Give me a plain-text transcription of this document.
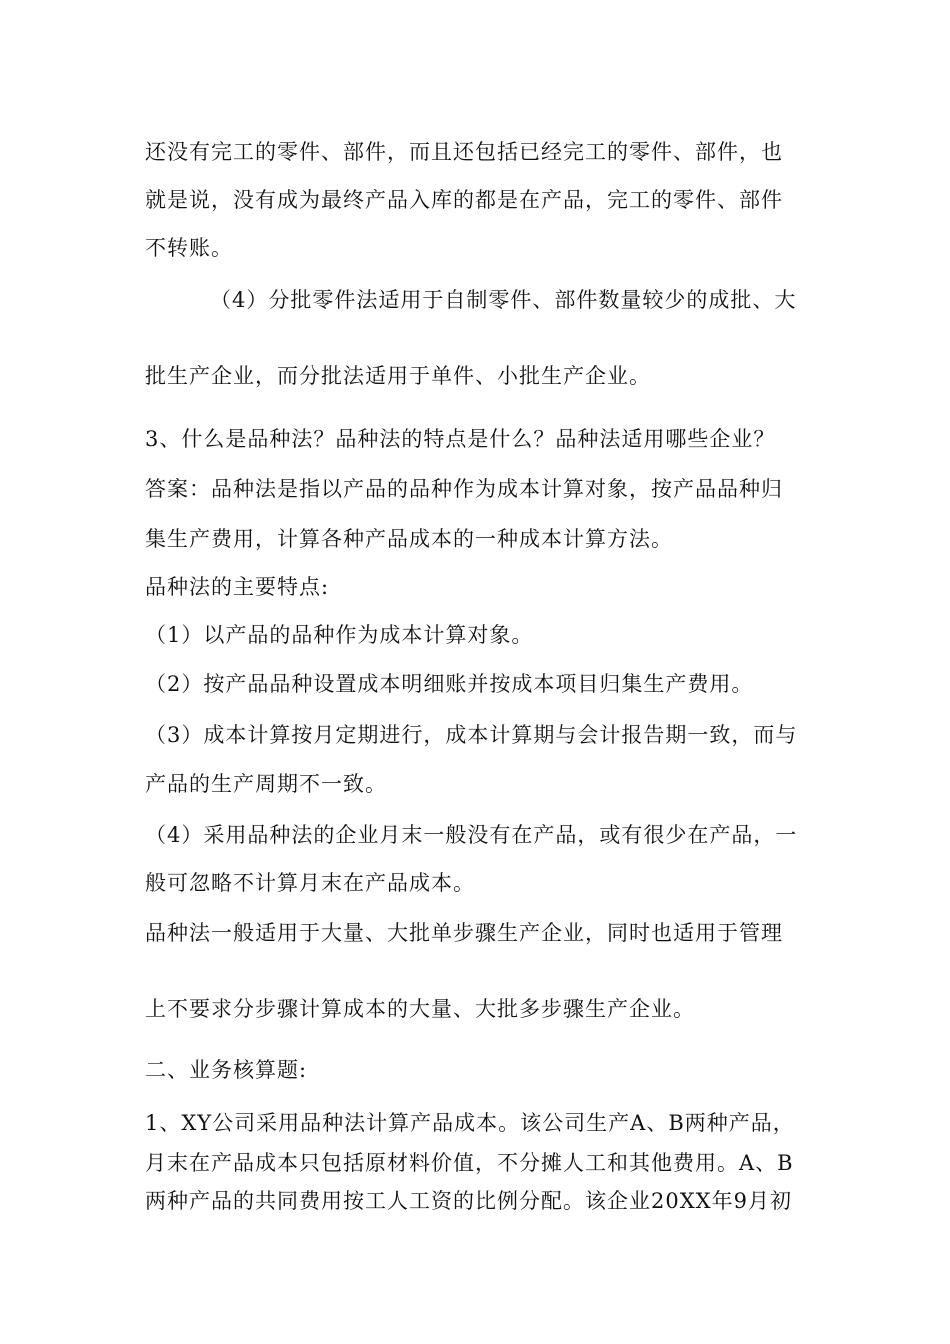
还没有完工的零件、部件，而且还包括已经完工的零件、部件，也
就是说，没有成为最终产品入库的都是在产品，完工的零件、部件
不转账。
（4）分批零件法适用于自制零件、部件数量较少的成批、大
批生产企业，而分批法适用于单件、小批生产企业。
3、什么是品种法？品种法的特点是什么？品种法适用哪些企业？
答案：品种法是指以产品的品种作为成本计算对象，按产品品种归
集生产费用，计算各种产品成本的一种成本计算方法。
品种法的主要特点:
（1）以产品的品种作为成本计算对象。
（2）按产品品种设置成本明细账并按成本项目归集生产费用。
（3）成本计算按月定期进行，成本计算期与会计报告期一致，而与
产品的生产周期不一致。
（4）采用品种法的企业月末一般没有在产品，或有很少在产品，一
般可忽略不计算月末在产品成本。
品种法一般适用于大量、大批单步骤生产企业，同时也适用于管理
上不要求分步骤计算成本的大量、大批多步骤生产企业。
二、业务核算题:
1、XY公司采用品种法计算产品成本。该公司生产A、B两种产品，
月末在产品成本只包括原材料价值，不分摊人工和其他费用。A、B
两种产品的共同费用按工人工资的比例分配。该企业20XX年9月初
